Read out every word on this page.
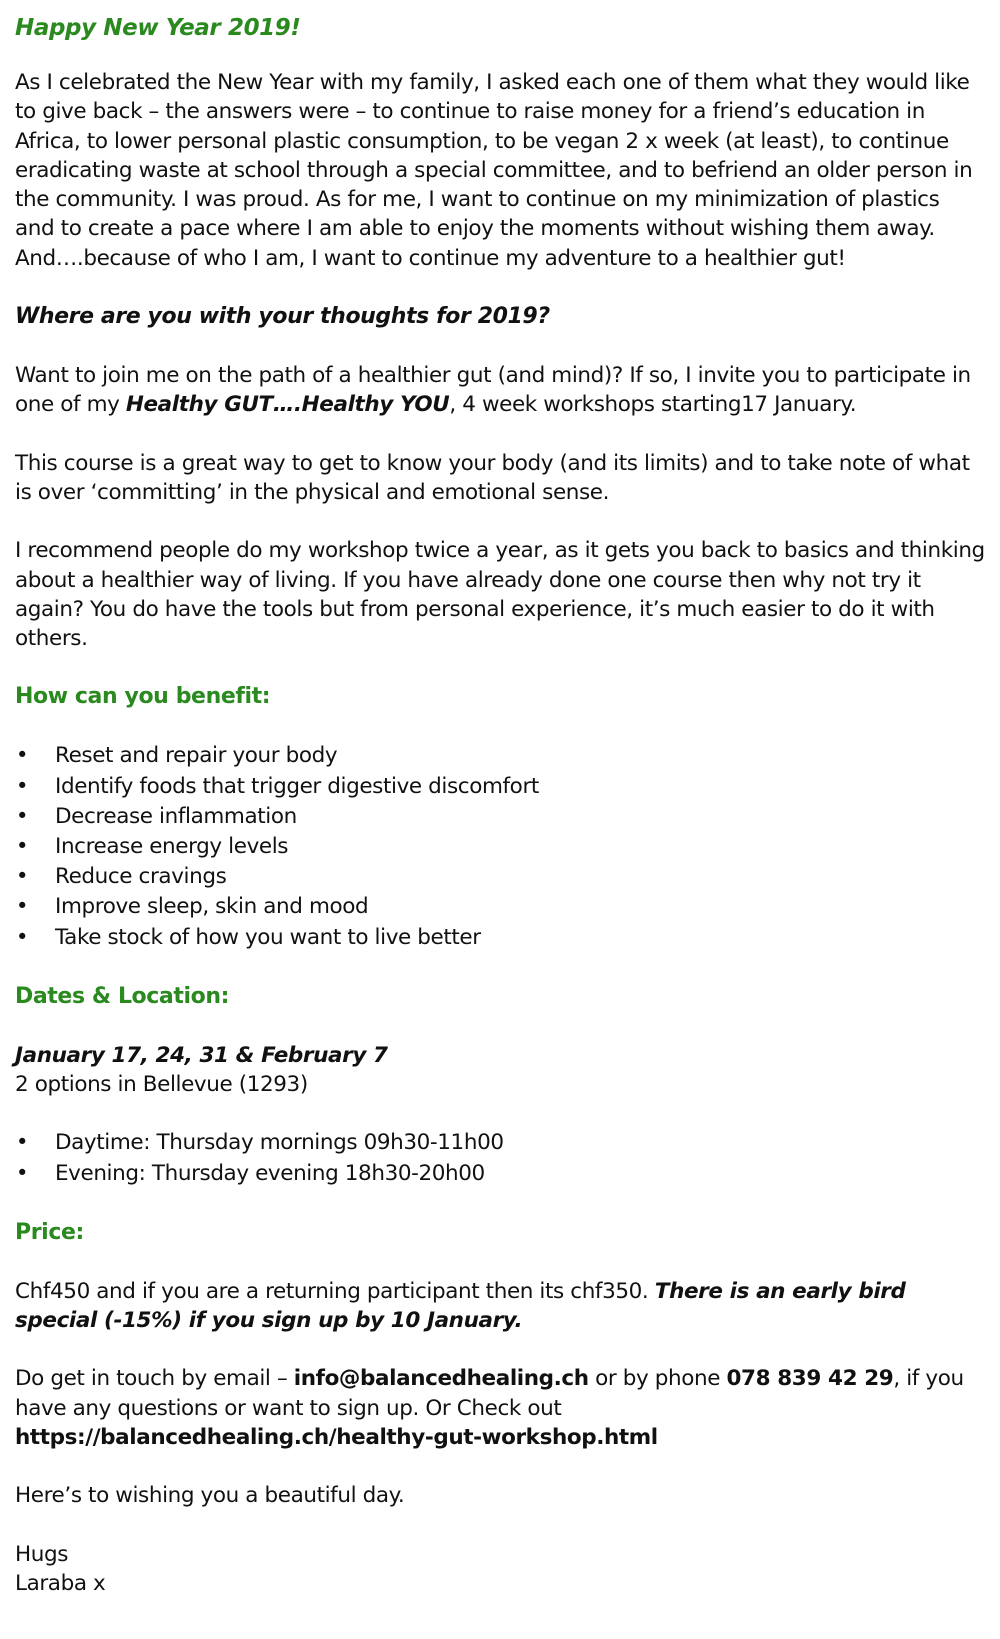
Happy New Year 2019!

As I celebrated the New Year with my family, I asked each one of them what they would like to give back – the answers were – to continue to raise money for a friend’s education in Africa, to lower personal plastic consumption, to be vegan 2 x week (at least), to continue eradicating waste at school through a special committee, and to befriend an older person in the community. I was proud. As for me, I want to continue on my minimization of plastics and to create a pace where I am able to enjoy the moments without wishing them away. And….because of who I am, I want to continue my adventure to a healthier gut!

Where are you with your thoughts for 2019?

Want to join me on the path of a healthier gut (and mind)? If so, I invite you to participate in one of my Healthy GUT….Healthy YOU, 4 week workshops starting17 January.

This course is a great way to get to know your body (and its limits) and to take note of what is over ‘committing’ in the physical and emotional sense.

I recommend people do my workshop twice a year, as it gets you back to basics and thinking about a healthier way of living. If you have already done one course then why not try it again? You do have the tools but from personal experience, it’s much easier to do it with others.

How can you benefit:
• Reset and repair your body
• Identify foods that trigger digestive discomfort
• Decrease inflammation
• Increase energy levels
• Reduce cravings
• Improve sleep, skin and mood
• Take stock of how you want to live better
Dates & Location:

January 17, 24, 31 & February 7

2 options in Bellevue (1293)

• Daytime: Thursday mornings 09h30-11h00
• Evening: Thursday evening 18h30-20h00
Price:

Chf450 and if you are a returning participant then its chf350. There is an early bird special (-15%) if you sign up by 10 January.

Do get in touch by email – info@balancedhealing.ch or by phone 078 839 42 29, if you have any questions or want to sign up. Or Check out
https://balancedhealing.ch/healthy-gut-workshop.html

Here’s to wishing you a beautiful day.

Hugs

Laraba x
